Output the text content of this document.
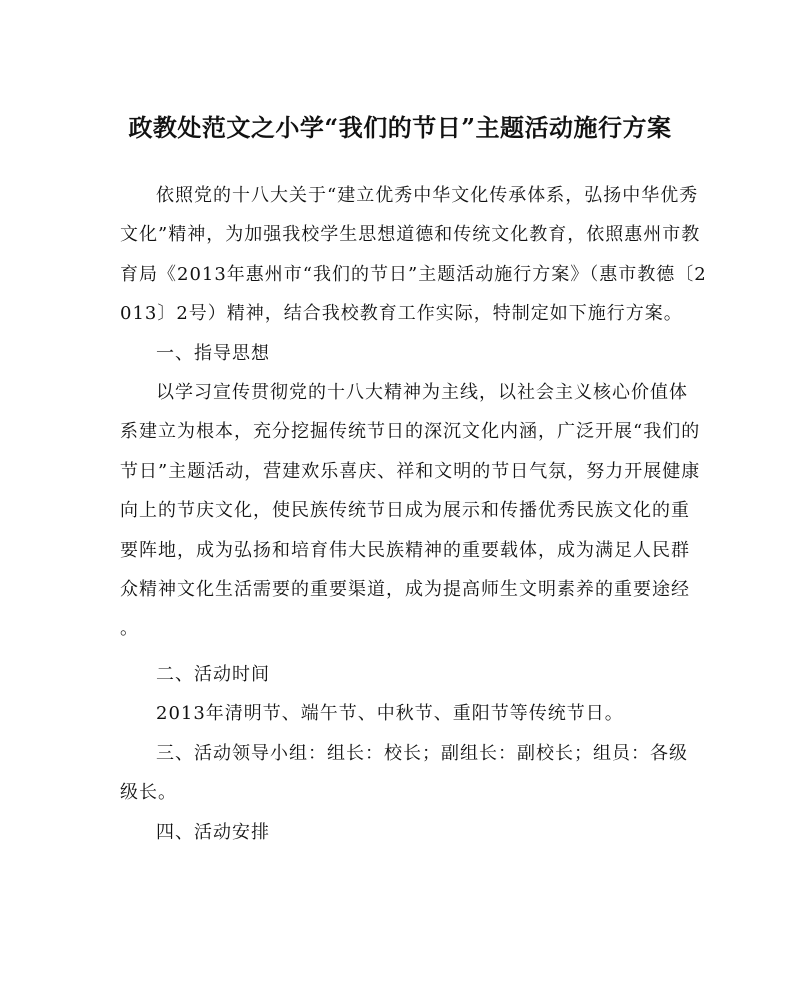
政教处范文之小学“我们的节日”主题活动施行方案
依照党的十八大关于“建立优秀中华文化传承体系，弘扬中华优秀
文化”精神，为加强我校学生思想道德和传统文化教育，依照惠州市教
育局《2013年惠州市“我们的节日”主题活动施行方案》（惠市教德〔2
013〕2号）精神，结合我校教育工作实际，特制定如下施行方案。
一、指导思想
以学习宣传贯彻党的十八大精神为主线，以社会主义核心价值体
系建立为根本，充分挖掘传统节日的深沉文化内涵，广泛开展“我们的
节日”主题活动，营建欢乐喜庆、祥和文明的节日气氛，努力开展健康
向上的节庆文化，使民族传统节日成为展示和传播优秀民族文化的重
要阵地，成为弘扬和培育伟大民族精神的重要载体，成为满足人民群
众精神文化生活需要的重要渠道，成为提高师生文明素养的重要途经
。
二、活动时间
2013年清明节、端午节、中秋节、重阳节等传统节日。
三、活动领导小组：组长：校长；副组长：副校长；组员：各级
级长。
四、活动安排
